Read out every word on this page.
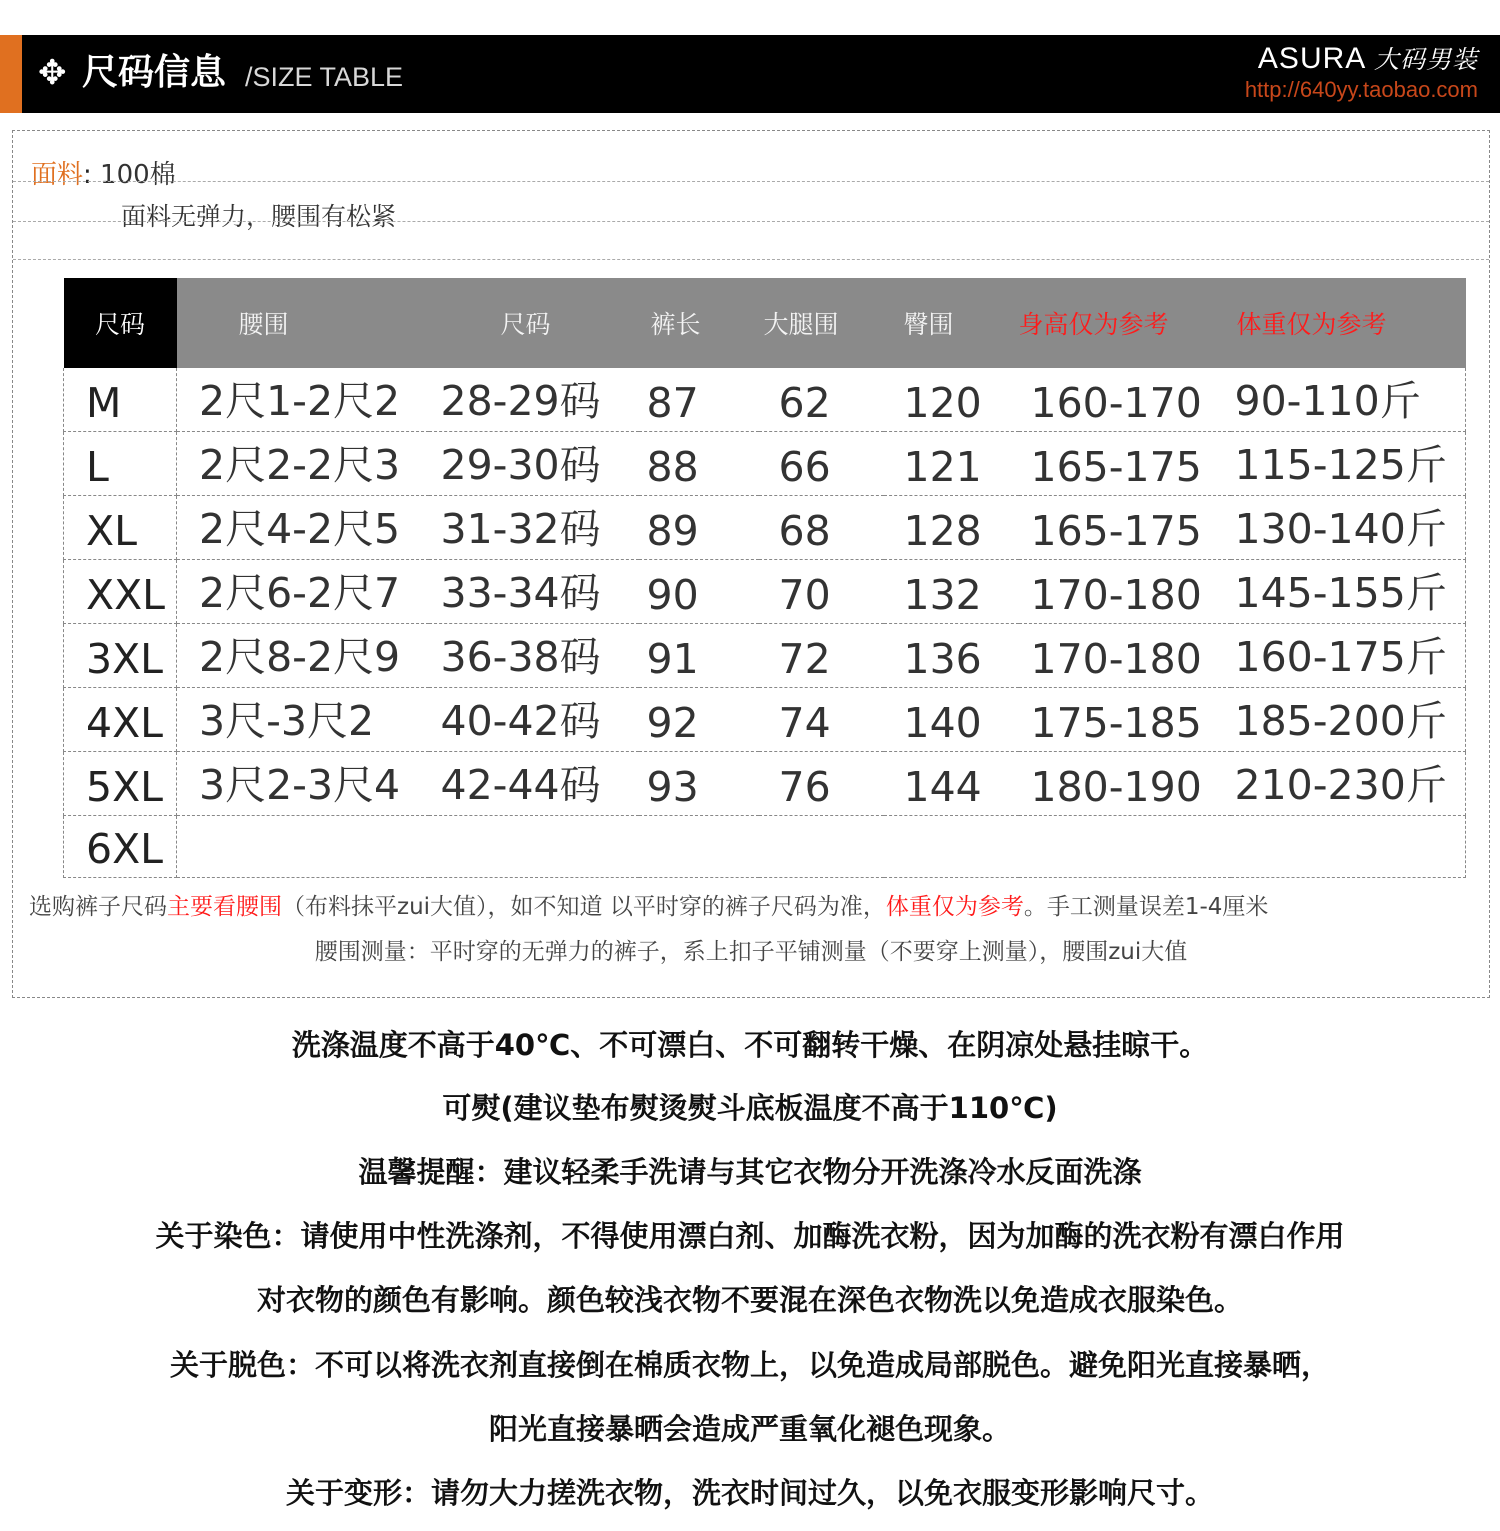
✥ 尺码信息 /SIZE TABLE
ASURA 大码男装
http://640yy.taobao.com
面料: 100棉
面料无弹力，腰围有松紧
尺码	腰围	尺码	裤长	大腿围	臀围	身高仅为参考	体重仅为参考
M	2尺1-2尺2	28-29码	87	62	120	160-170	90-110斤
L	2尺2-2尺3	29-30码	88	66	121	165-175	115-125斤
XL	2尺4-2尺5	31-32码	89	68	128	165-175	130-140斤
XXL	2尺6-2尺7	33-34码	90	70	132	170-180	145-155斤
3XL	2尺8-2尺9	36-38码	91	72	136	170-180	160-175斤
4XL	3尺-3尺2	40-42码	92	74	140	175-185	185-200斤
5XL	3尺2-3尺4	42-44码	93	76	144	180-190	210-230斤
6XL							
选购裤子尺码主要看腰围（布料抹平zui大值），如不知道 以平时穿的裤子尺码为准，体重仅为参考。手工测量误差1-4厘米
腰围测量：平时穿的无弹力的裤子，系上扣子平铺测量（不要穿上测量），腰围zui大值
洗涤温度不高于40℃、不可漂白、不可翻转干燥、在阴凉处悬挂晾干。
可熨(建议垫布熨烫熨斗底板温度不高于110℃)
温馨提醒：建议轻柔手洗请与其它衣物分开洗涤冷水反面洗涤
关于染色：请使用中性洗涤剂，不得使用漂白剂、加酶洗衣粉，因为加酶的洗衣粉有漂白作用
对衣物的颜色有影响。颜色较浅衣物不要混在深色衣物洗以免造成衣服染色。
关于脱色：不可以将洗衣剂直接倒在棉质衣物上，以免造成局部脱色。避免阳光直接暴晒，
阳光直接暴晒会造成严重氧化褪色现象。
关于变形：请勿大力搓洗衣物，洗衣时间过久，以免衣服变形影响尺寸。
